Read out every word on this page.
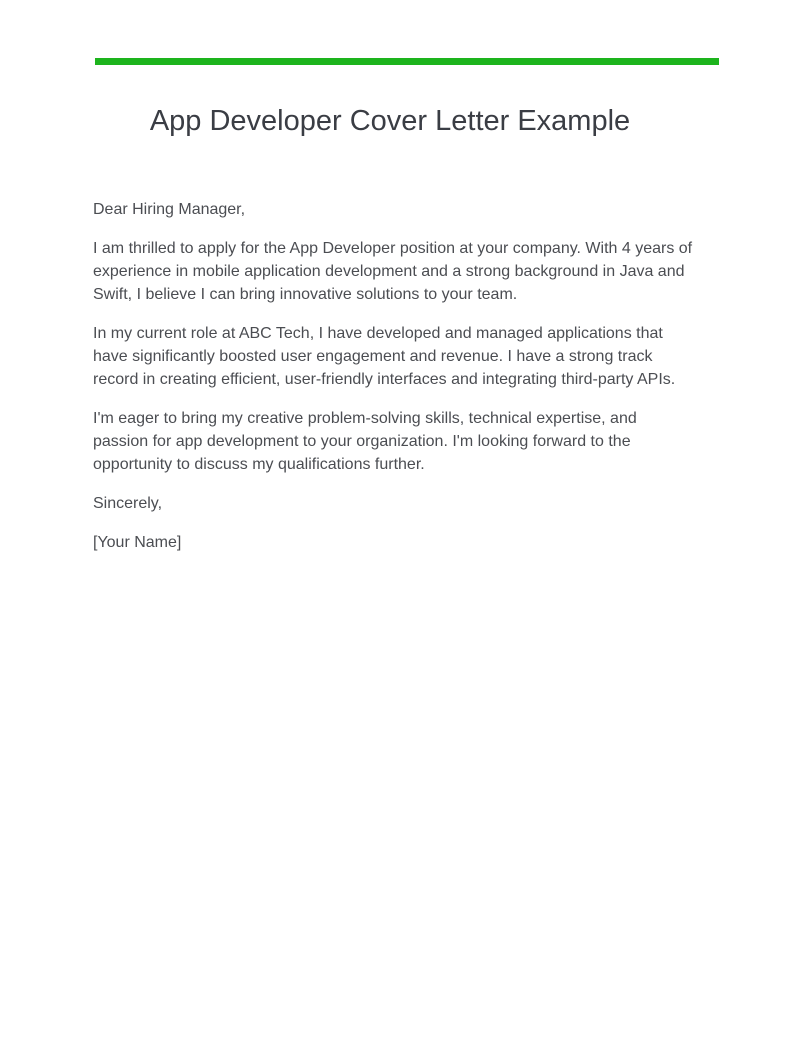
App Developer Cover Letter Example

Dear Hiring Manager,

I am thrilled to apply for the App Developer position at your company. With 4 years of experience in mobile application development and a strong background in Java and Swift, I believe I can bring innovative solutions to your team.

In my current role at ABC Tech, I have developed and managed applications that have significantly boosted user engagement and revenue. I have a strong track record in creating efficient, user-friendly interfaces and integrating third-party APIs.

I'm eager to bring my creative problem-solving skills, technical expertise, and passion for app development to your organization. I'm looking forward to the opportunity to discuss my qualifications further.

Sincerely,

[Your Name]
